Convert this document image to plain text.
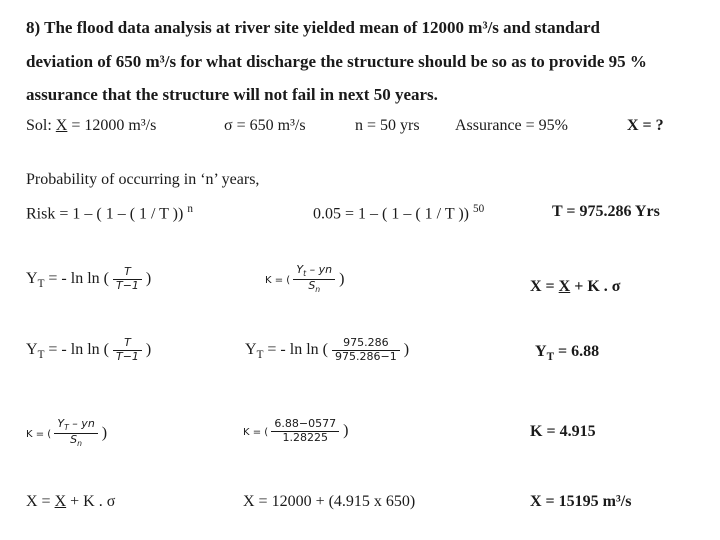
8) The flood data analysis at river site yielded mean of 12000 m³/s and standard
deviation of 650 m³/s for what discharge the structure should be so as to provide 95 %
assurance that the structure will not fail in next 50 years.
Sol: X = 12000 m³/s	σ = 650 m³/s	n = 50 yrs Assurance = 95%	X = ?
Probability of occurring in ‘n’ years,
Risk = 1 – ( 1 – ( 1 / T )) $^n$	0.05 = 1 – ( 1 – ( 1 / T )) $^{50}$	T = 975.286 Yrs
$Y_T$ = - ln ln ( $\frac{T}{T-1}$ )	K = ( $\frac{Y_t - yn}{S_n}$ )	X = X + K . σ
$Y_T$ = - ln ln ( $\frac{T}{T-1}$ )	$Y_T$ = - ln ln ( $\frac{975.286}{975.286-1}$ )	$Y_T = 6.88$
K = ( $\frac{Y_T - yn}{S_n}$ )	K = ( $\frac{6.88-0577}{1.28225}$ )	K = 4.915
X = X + K . σ	X = 12000 + (4.915 x 650)	X = 15195 m³/s
